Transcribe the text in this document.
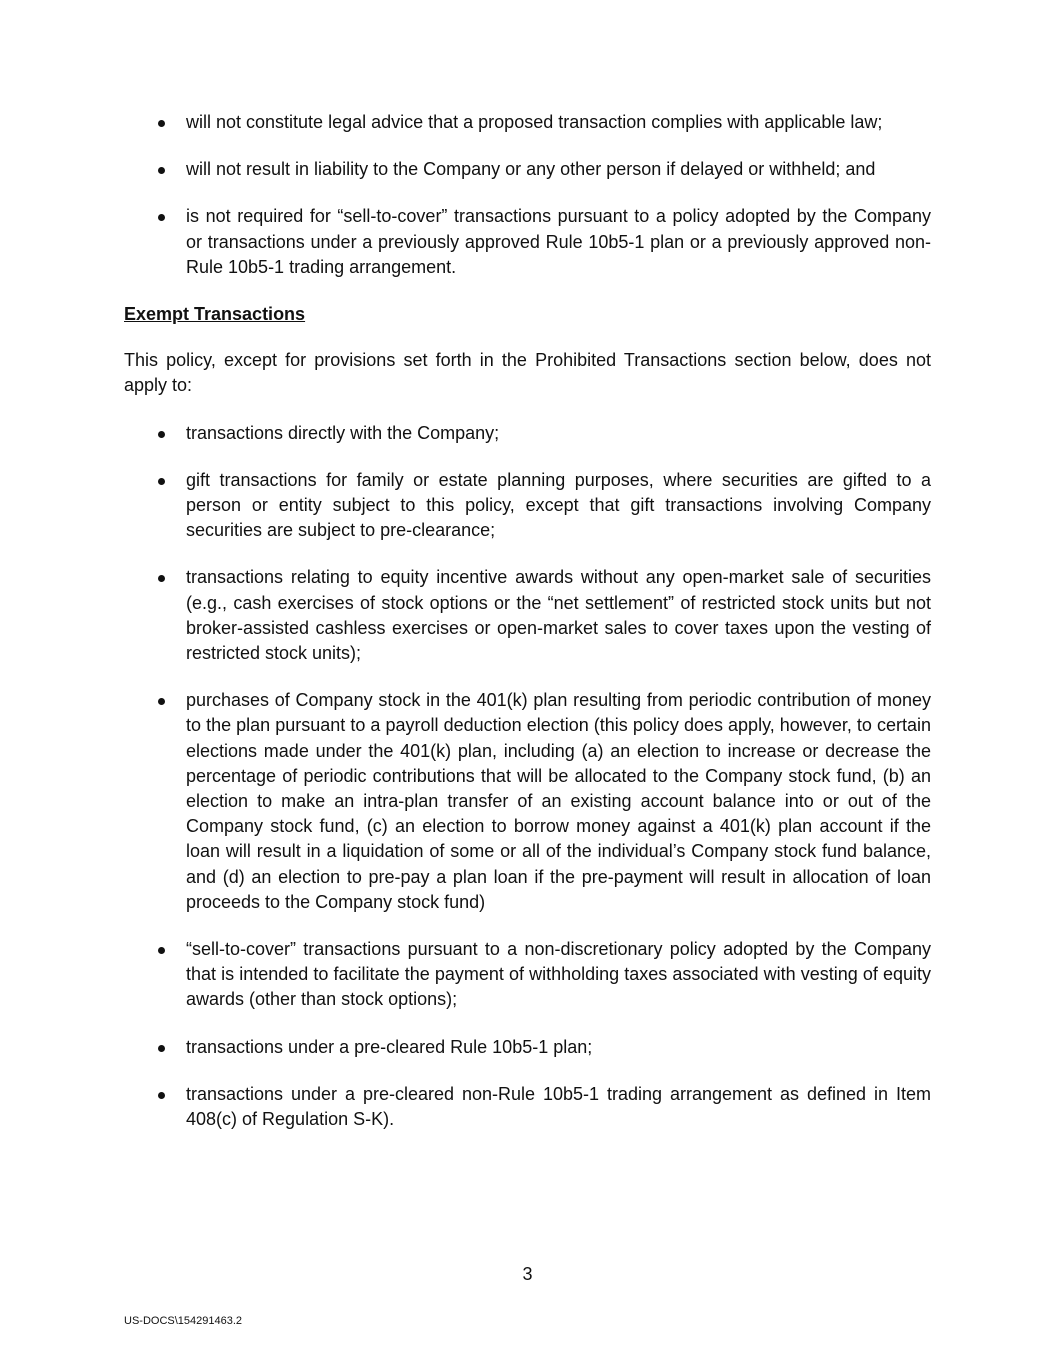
will not constitute legal advice that a proposed transaction complies with applicable law;
will not result in liability to the Company or any other person if delayed or withheld; and
is not required for “sell-to-cover” transactions pursuant to a policy adopted by the Company or transactions under a previously approved Rule 10b5-1 plan or a previously approved non-Rule 10b5-1 trading arrangement.
Exempt Transactions
This policy, except for provisions set forth in the Prohibited Transactions section below, does not apply to:
transactions directly with the Company;
gift transactions for family or estate planning purposes, where securities are gifted to a person or entity subject to this policy, except that gift transactions involving Company securities are subject to pre-clearance;
transactions relating to equity incentive awards without any open-market sale of securities (e.g., cash exercises of stock options or the “net settlement” of restricted stock units but not broker-assisted cashless exercises or open-market sales to cover taxes upon the vesting of restricted stock units);
purchases of Company stock in the 401(k) plan resulting from periodic contribution of money to the plan pursuant to a payroll deduction election (this policy does apply, however, to certain elections made under the 401(k) plan, including (a) an election to increase or decrease the percentage of periodic contributions that will be allocated to the Company stock fund, (b) an election to make an intra-plan transfer of an existing account balance into or out of the Company stock fund, (c) an election to borrow money against a 401(k) plan account if the loan will result in a liquidation of some or all of the individual’s Company stock fund balance, and (d) an election to pre-pay a plan loan if the pre-payment will result in allocation of loan proceeds to the Company stock fund)
“sell-to-cover” transactions pursuant to a non-discretionary policy adopted by the Company that is intended to facilitate the payment of withholding taxes associated with vesting of equity awards (other than stock options);
transactions under a pre-cleared Rule 10b5-1 plan;
transactions under a pre-cleared non-Rule 10b5-1 trading arrangement as defined in Item 408(c) of Regulation S-K).
3
US-DOCS\154291463.2
